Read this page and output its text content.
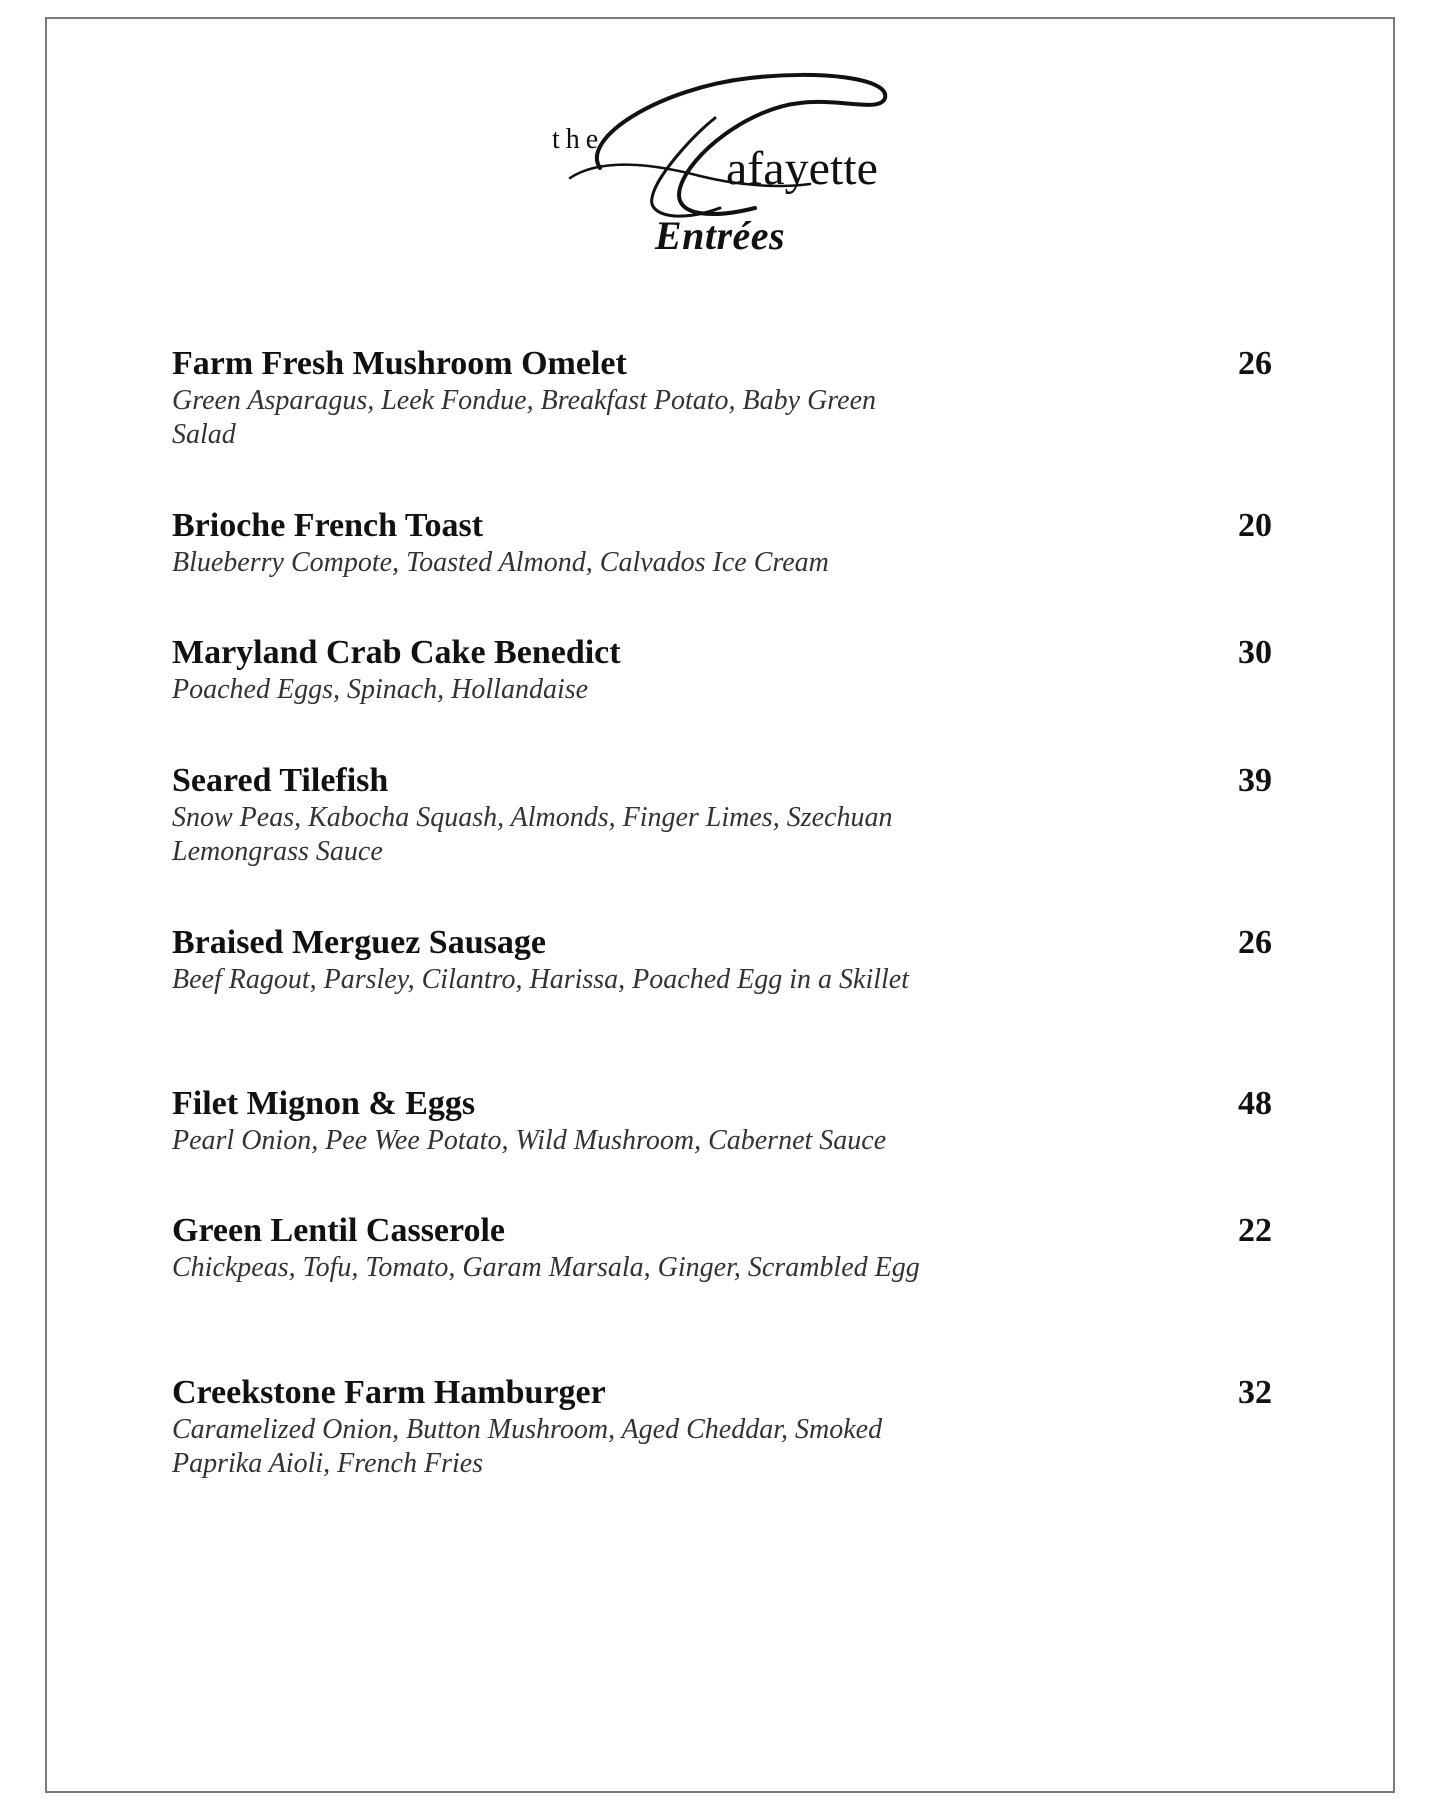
the
afayette
Entrées
Farm Fresh Mushroom Omelet	26
Green Asparagus, Leek Fondue, Breakfast Potato, Baby Green Salad
Brioche French Toast	20
Blueberry Compote, Toasted Almond, Calvados Ice Cream
Maryland Crab Cake Benedict	30
Poached Eggs, Spinach, Hollandaise
Seared Tilefish	39
Snow Peas, Kabocha Squash, Almonds, Finger Limes, Szechuan Lemongrass Sauce
Braised Merguez Sausage	26
Beef Ragout, Parsley, Cilantro, Harissa, Poached Egg in a Skillet
Filet Mignon & Eggs	48
Pearl Onion, Pee Wee Potato, Wild Mushroom, Cabernet Sauce
Green Lentil Casserole	22
Chickpeas, Tofu, Tomato, Garam Marsala, Ginger, Scrambled Egg
Creekstone Farm Hamburger	32
Caramelized Onion, Button Mushroom, Aged Cheddar, Smoked Paprika Aioli, French Fries
